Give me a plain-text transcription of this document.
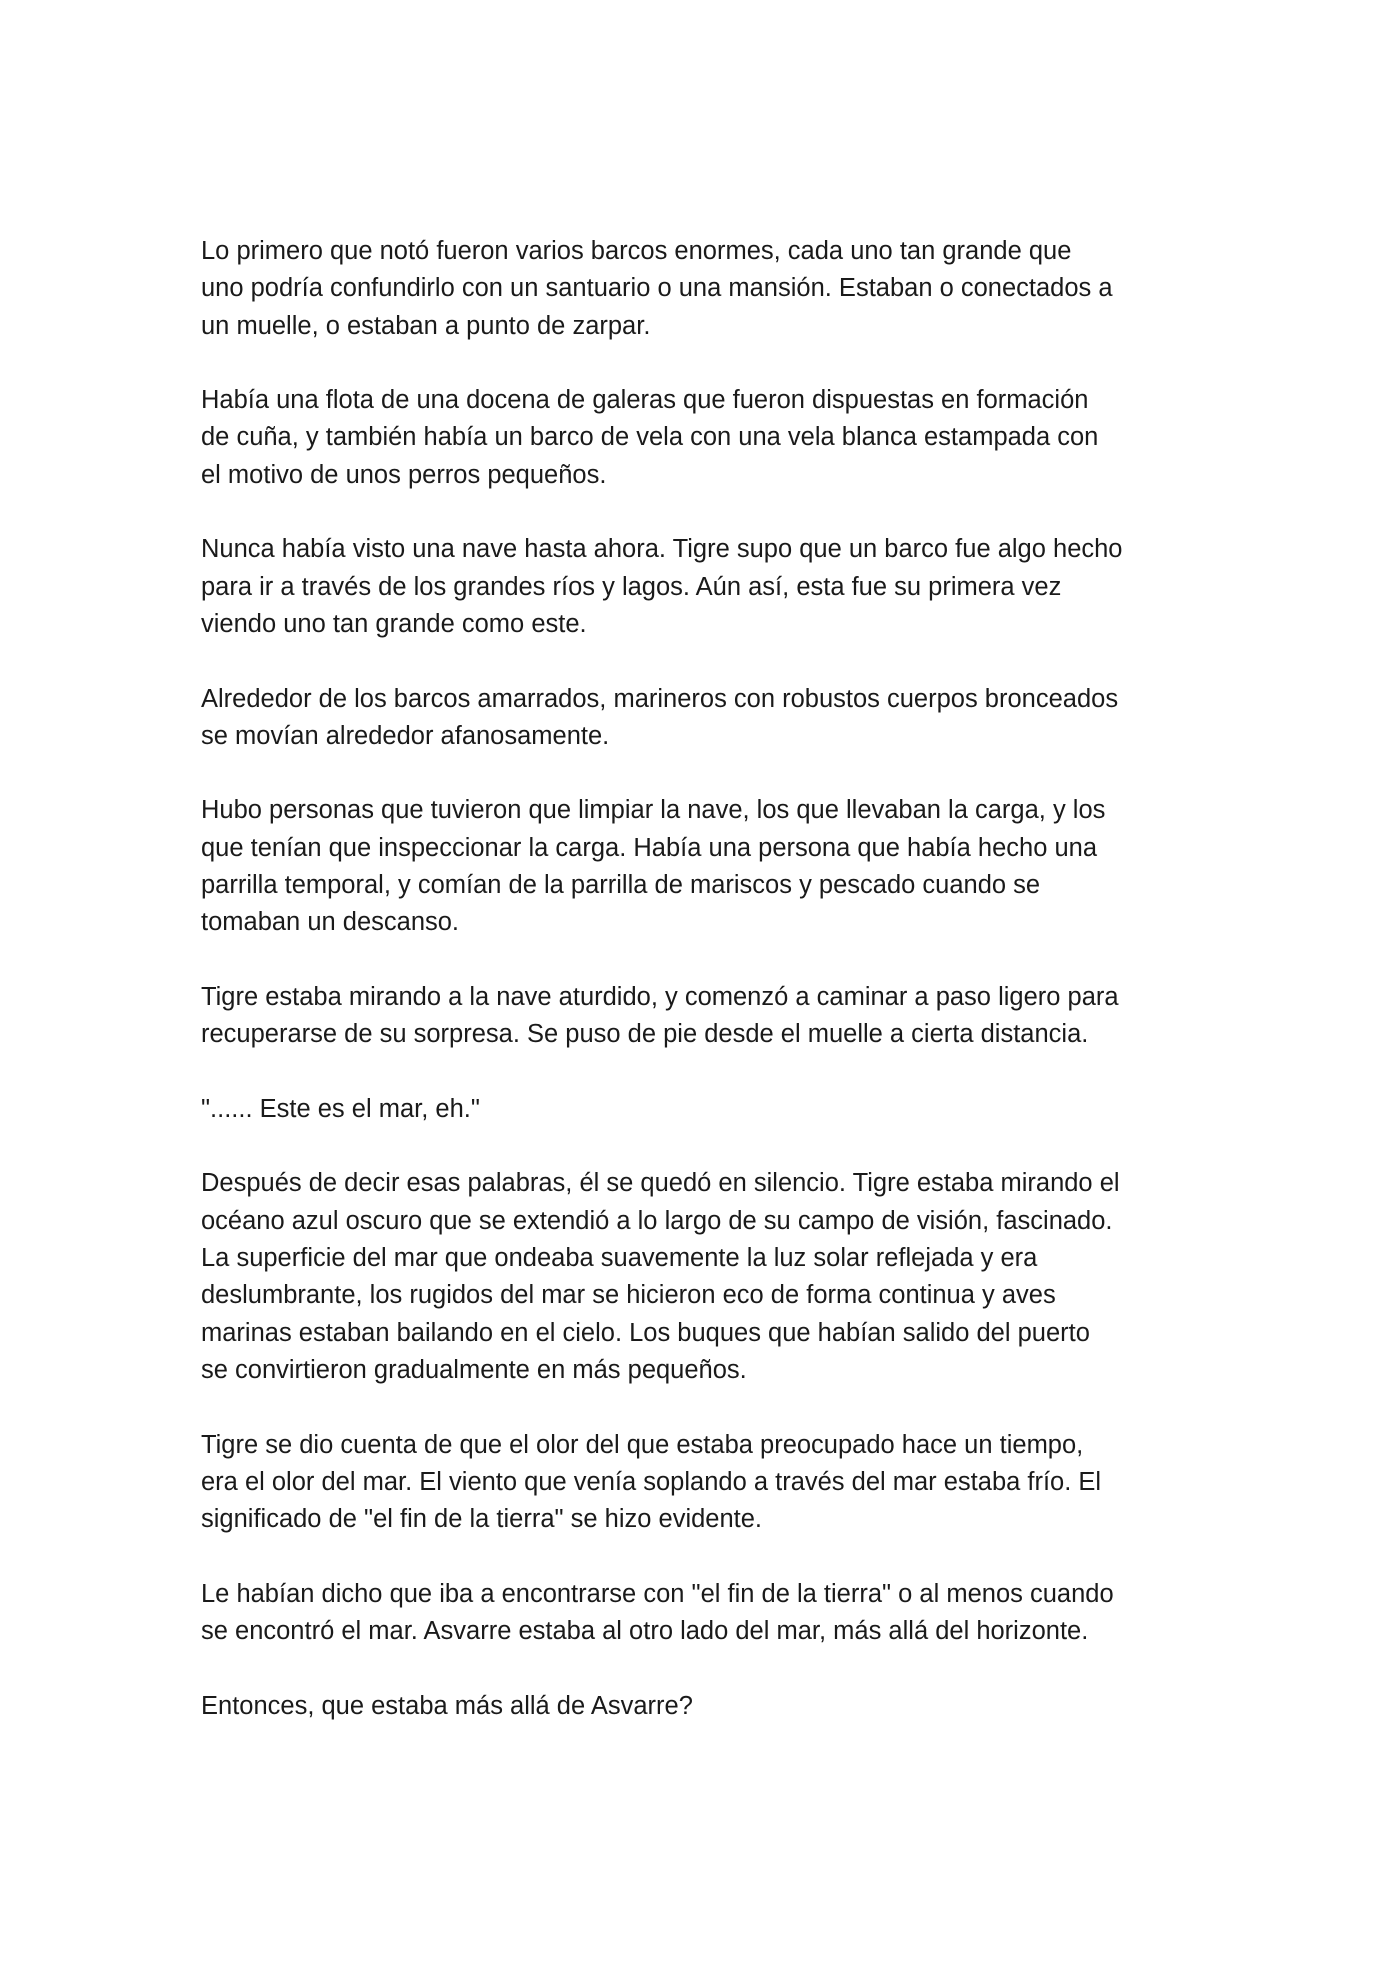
Lo primero que notó fueron varios barcos enormes, cada uno tan grande que
uno podría confundirlo con un santuario o una mansión. Estaban o conectados a
un muelle, o estaban a punto de zarpar.

Había una flota de una docena de galeras que fueron dispuestas en formación
de cuña, y también había un barco de vela con una vela blanca estampada con
el motivo de unos perros pequeños.

Nunca había visto una nave hasta ahora. Tigre supo que un barco fue algo hecho
para ir a través de los grandes ríos y lagos. Aún así, esta fue su primera vez
viendo uno tan grande como este.

Alrededor de los barcos amarrados, marineros con robustos cuerpos bronceados
se movían alrededor afanosamente.

Hubo personas que tuvieron que limpiar la nave, los que llevaban la carga, y los
que tenían que inspeccionar la carga. Había una persona que había hecho una
parrilla temporal, y comían de la parrilla de mariscos y pescado cuando se
tomaban un descanso.

Tigre estaba mirando a la nave aturdido, y comenzó a caminar a paso ligero para
recuperarse de su sorpresa. Se puso de pie desde el muelle a cierta distancia.

"...... Este es el mar, eh."

Después de decir esas palabras, él se quedó en silencio. Tigre estaba mirando el
océano azul oscuro que se extendió a lo largo de su campo de visión, fascinado.
La superficie del mar que ondeaba suavemente la luz solar reflejada y era
deslumbrante, los rugidos del mar se hicieron eco de forma continua y aves
marinas estaban bailando en el cielo. Los buques que habían salido del puerto
se convirtieron gradualmente en más pequeños.

Tigre se dio cuenta de que el olor del que estaba preocupado hace un tiempo,
era el olor del mar. El viento que venía soplando a través del mar estaba frío. El
significado de "el fin de la tierra" se hizo evidente.

Le habían dicho que iba a encontrarse con "el fin de la tierra" o al menos cuando
se encontró el mar. Asvarre estaba al otro lado del mar, más allá del horizonte.

Entonces, que estaba más allá de Asvarre?
